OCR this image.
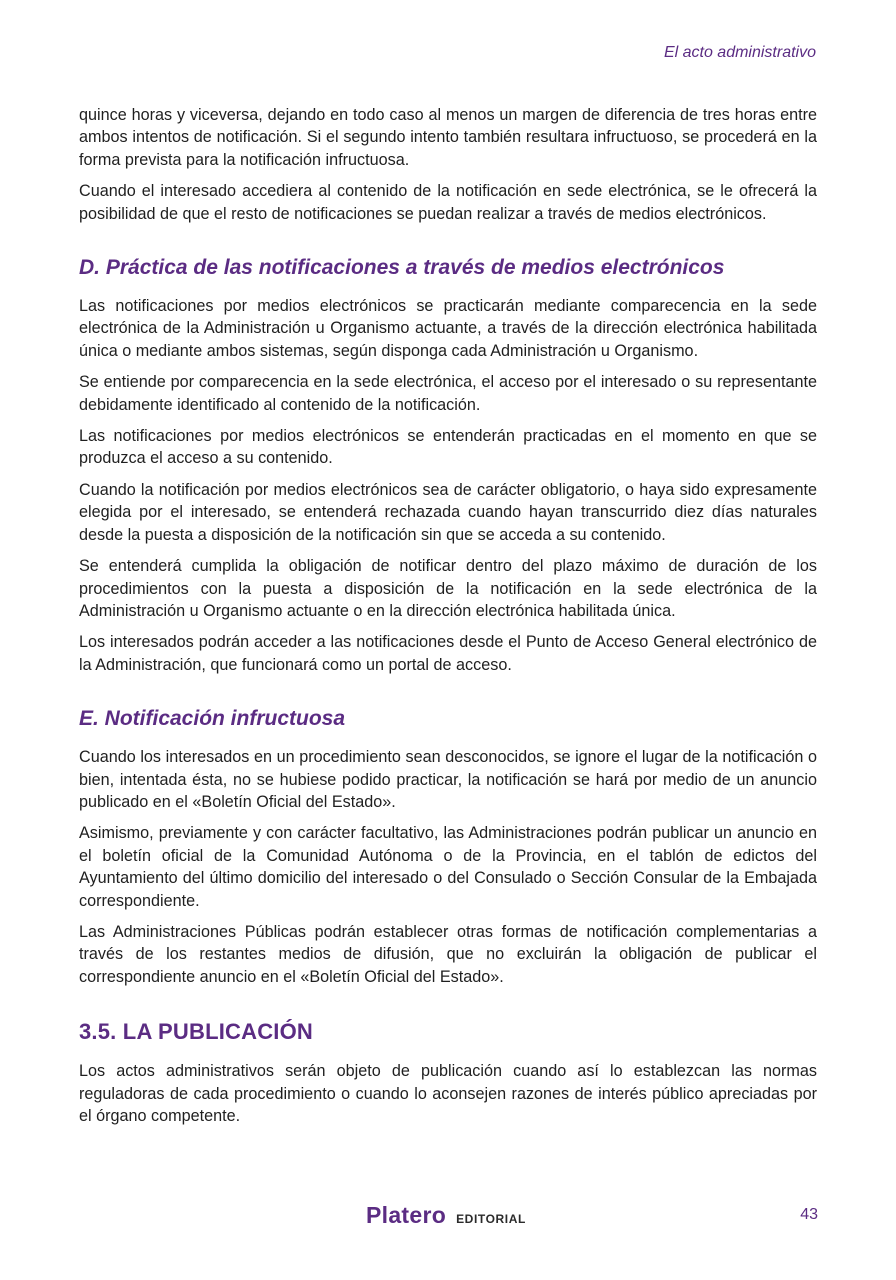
El acto administrativo

quince horas y viceversa, dejando en todo caso al menos un margen de diferencia de tres horas entre ambos intentos de notificación. Si el segundo intento también resultara infructuoso, se procederá en la forma prevista para la notificación infructuosa.

Cuando el interesado accediera al contenido de la notificación en sede electrónica, se le ofrecerá la posibilidad de que el resto de notificaciones se puedan realizar a través de medios electrónicos.

D. Práctica de las notificaciones a través de medios electrónicos

Las notificaciones por medios electrónicos se practicarán mediante comparecencia en la sede electrónica de la Administración u Organismo actuante, a través de la dirección electrónica habilitada única o mediante ambos sistemas, según disponga cada Administración u Organismo.

Se entiende por comparecencia en la sede electrónica, el acceso por el interesado o su representante debidamente identificado al contenido de la notificación.

Las notificaciones por medios electrónicos se entenderán practicadas en el momento en que se produzca el acceso a su contenido.

Cuando la notificación por medios electrónicos sea de carácter obligatorio, o haya sido expresamente elegida por el interesado, se entenderá rechazada cuando hayan transcurrido diez días naturales desde la puesta a disposición de la notificación sin que se acceda a su contenido.

Se entenderá cumplida la obligación de notificar dentro del plazo máximo de duración de los procedimientos con la puesta a disposición de la notificación en la sede electrónica de la Administración u Organismo actuante o en la dirección electrónica habilitada única.

Los interesados podrán acceder a las notificaciones desde el Punto de Acceso General electrónico de la Administración, que funcionará como un portal de acceso.

E. Notificación infructuosa

Cuando los interesados en un procedimiento sean desconocidos, se ignore el lugar de la notificación o bien, intentada ésta, no se hubiese podido practicar, la notificación se hará por medio de un anuncio publicado en el «Boletín Oficial del Estado».

Asimismo, previamente y con carácter facultativo, las Administraciones podrán publicar un anuncio en el boletín oficial de la Comunidad Autónoma o de la Provincia, en el tablón de edictos del Ayuntamiento del último domicilio del interesado o del Consulado o Sección Consular de la Embajada correspondiente.

Las Administraciones Públicas podrán establecer otras formas de notificación complementarias a través de los restantes medios de difusión, que no excluirán la obligación de publicar el correspondiente anuncio en el «Boletín Oficial del Estado».

3.5. LA PUBLICACIÓN

Los actos administrativos serán objeto de publicación cuando así lo establezcan las normas reguladoras de cada procedimiento o cuando lo aconsejen razones de interés público apreciadas por el órgano competente.

Platero EDITORIAL	43
